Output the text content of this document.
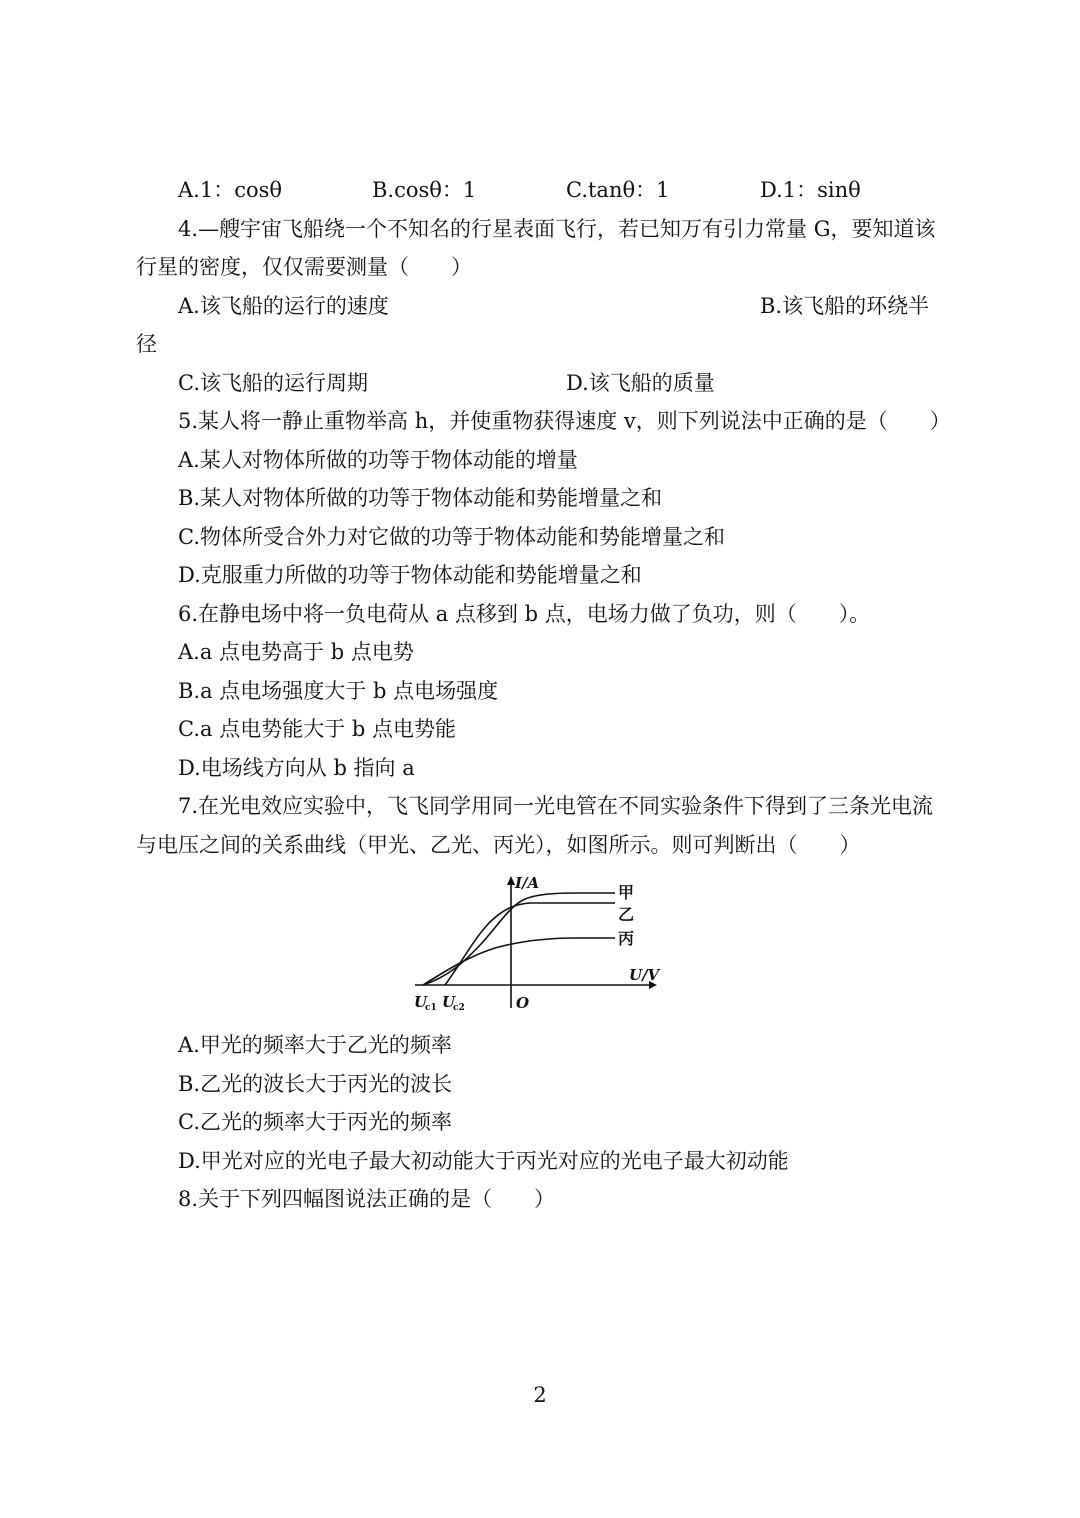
A.1：cosθ	B.cosθ：1	C.tanθ：1	D.1：sinθ
4.—艘宇宙飞船绕一个不知名的行星表面飞行，若已知万有引力常量 G，要知道该
行星的密度，仅仅需要测量（　　）
A.该飞船的运行的速度	B.该飞船的环绕半
径
C.该飞船的运行周期	D.该飞船的质量
5.某人将一静止重物举高 h，并使重物获得速度 v，则下列说法中正确的是（　　）
A.某人对物体所做的功等于物体动能的增量
B.某人对物体所做的功等于物体动能和势能增量之和
C.物体所受合外力对它做的功等于物体动能和势能增量之和
D.克服重力所做的功等于物体动能和势能增量之和
6.在静电场中将一负电荷从 a 点移到 b 点，电场力做了负功，则（　　）。
A.a 点电势高于 b 点电势
B.a 点电场强度大于 b 点电场强度
C.a 点电势能大于 b 点电势能
D.电场线方向从 b 指向 a
7.在光电效应实验中，飞飞同学用同一光电管在不同实验条件下得到了三条光电流
与电压之间的关系曲线（甲光、乙光、丙光），如图所示。则可判断出（　　）
I/A
U/V
O
U
c1 U
c2
甲
乙
丙
A.甲光的频率大于乙光的频率
B.乙光的波长大于丙光的波长
C.乙光的频率大于丙光的频率
D.甲光对应的光电子最大初动能大于丙光对应的光电子最大初动能
8.关于下列四幅图说法正确的是（　　）
2
